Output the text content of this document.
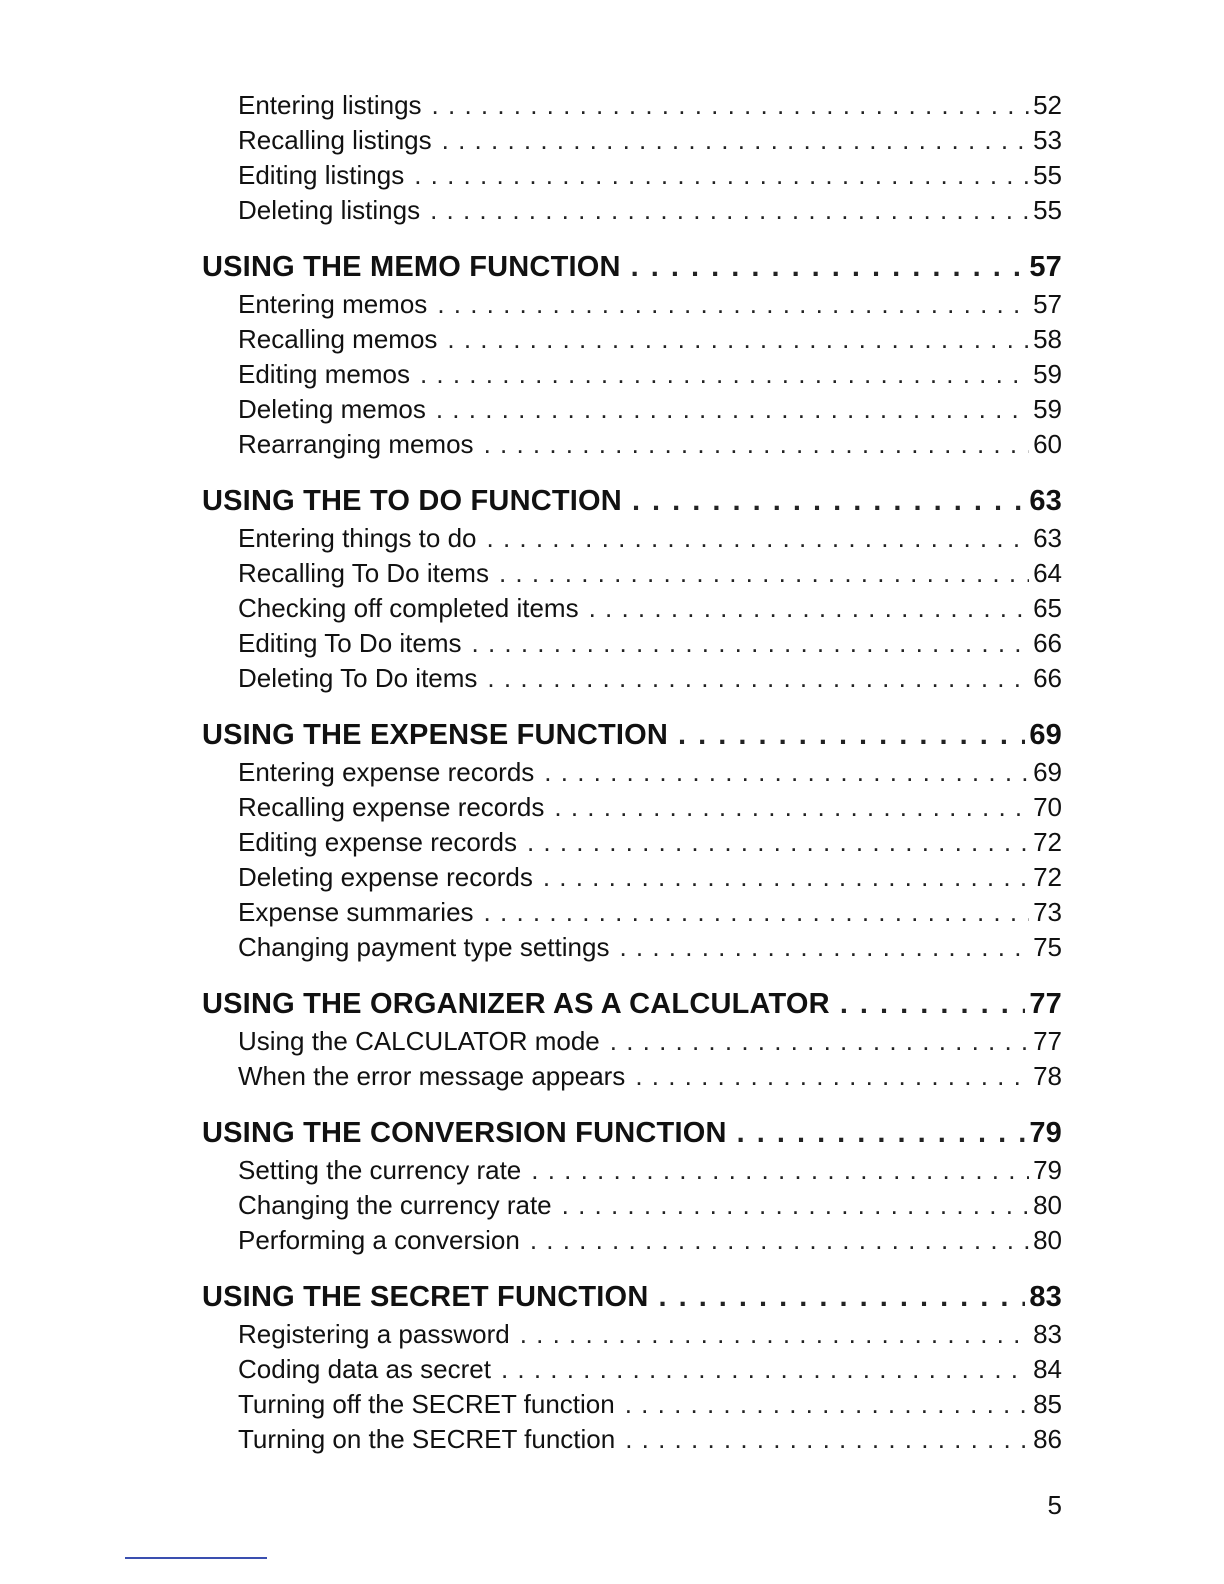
Entering listings . . .	52
Recalling listings . . .	53
Editing listings . . .	55
Deleting listings . . .	55
USING THE MEMO FUNCTION . . .	57
Entering memos . . .	57
Recalling memos . . .	58
Editing memos . . .	59
Deleting memos . . .	59
Rearranging memos . . .	60
USING THE TO DO FUNCTION . . .	63
Entering things to do . . .	63
Recalling To Do items . . .	64
Checking off completed items . . .	65
Editing To Do items . . .	66
Deleting To Do items . . .	66
USING THE EXPENSE FUNCTION . . .	69
Entering expense records . . .	69
Recalling expense records . . .	70
Editing expense records . . .	72
Deleting expense records . . .	72
Expense summaries . . .	73
Changing payment type settings . . .	75
USING THE ORGANIZER AS A CALCULATOR . . .	77
Using the CALCULATOR mode . . .	77
When the error message appears . . .	78
USING THE CONVERSION FUNCTION . . .	79
Setting the currency rate . . .	79
Changing the currency rate . . .	80
Performing a conversion . . .	80
USING THE SECRET FUNCTION . . .	83
Registering a password . . .	83
Coding data as secret . . .	84
Turning off the SECRET function . . .	85
Turning on the SECRET function . . .	86
5
